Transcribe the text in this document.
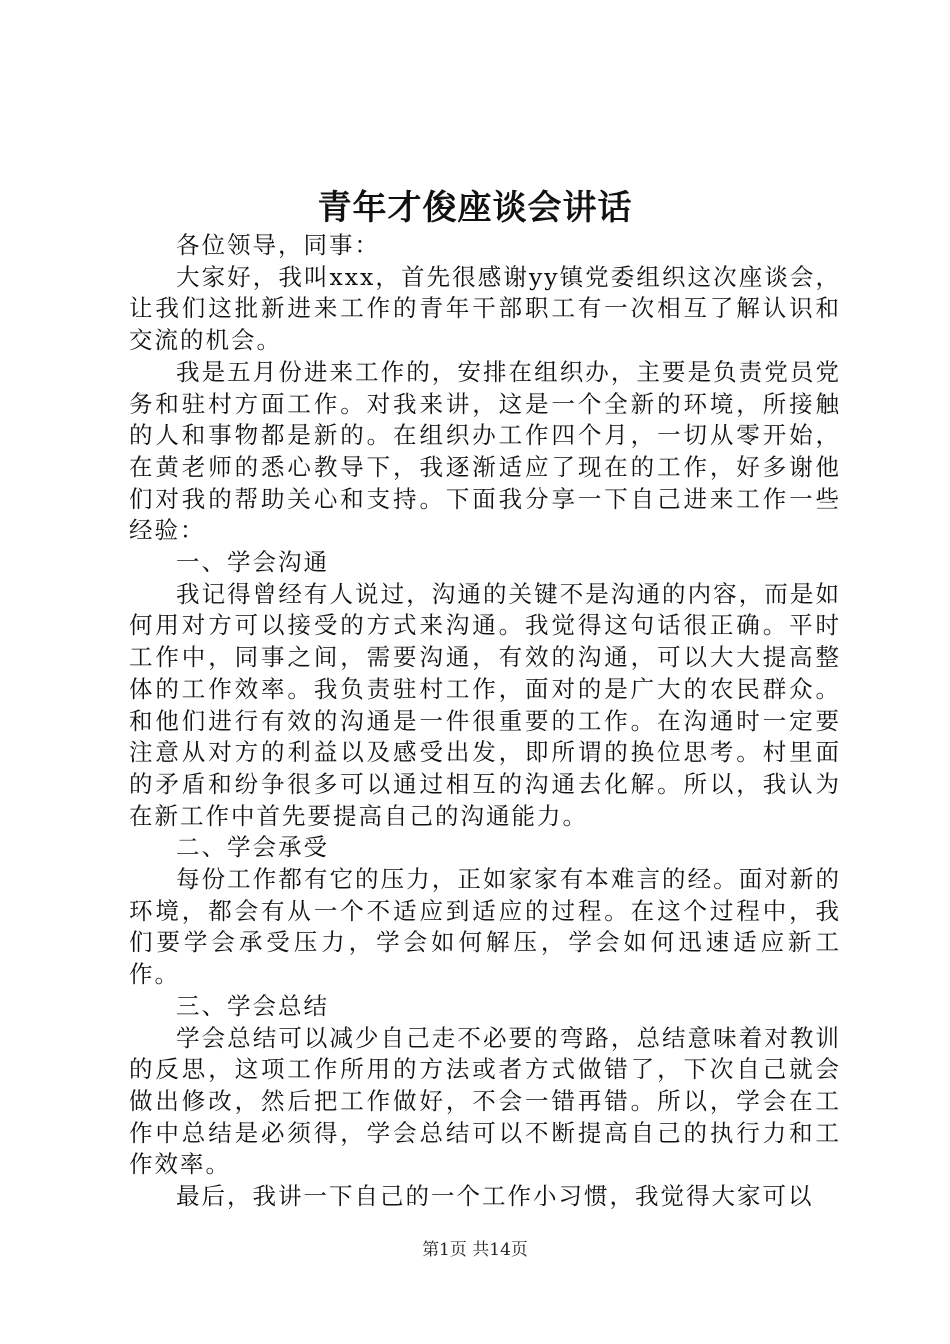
青年才俊座谈会讲话

各位领导，同事：

大家好，我叫xxx，首先很感谢yy镇党委组织这次座谈会，让我们这批新进来工作的青年干部职工有一次相互了解认识和交流的机会。

我是五月份进来工作的，安排在组织办，主要是负责党员党务和驻村方面工作。对我来讲，这是一个全新的环境，所接触的人和事物都是新的。在组织办工作四个月，一切从零开始，在黄老师的悉心教导下，我逐渐适应了现在的工作，好多谢他们对我的帮助关心和支持。下面我分享一下自己进来工作一些经验：

一、学会沟通

我记得曾经有人说过，沟通的关键不是沟通的内容，而是如何用对方可以接受的方式来沟通。我觉得这句话很正确。平时工作中，同事之间，需要沟通，有效的沟通，可以大大提高整体的工作效率。我负责驻村工作，面对的是广大的农民群众。和他们进行有效的沟通是一件很重要的工作。在沟通时一定要注意从对方的利益以及感受出发，即所谓的换位思考。村里面的矛盾和纷争很多可以通过相互的沟通去化解。所以，我认为在新工作中首先要提高自己的沟通能力。

二、学会承受

每份工作都有它的压力，正如家家有本难言的经。面对新的环境，都会有从一个不适应到适应的过程。在这个过程中，我们要学会承受压力，学会如何解压，学会如何迅速适应新工作。

三、学会总结

学会总结可以减少自己走不必要的弯路，总结意味着对教训的反思，这项工作所用的方法或者方式做错了，下次自己就会做出修改，然后把工作做好，不会一错再错。所以，学会在工作中总结是必须得，学会总结可以不断提高自己的执行力和工作效率。

最后，我讲一下自己的一个工作小习惯，我觉得大家可以

第1页 共14页
